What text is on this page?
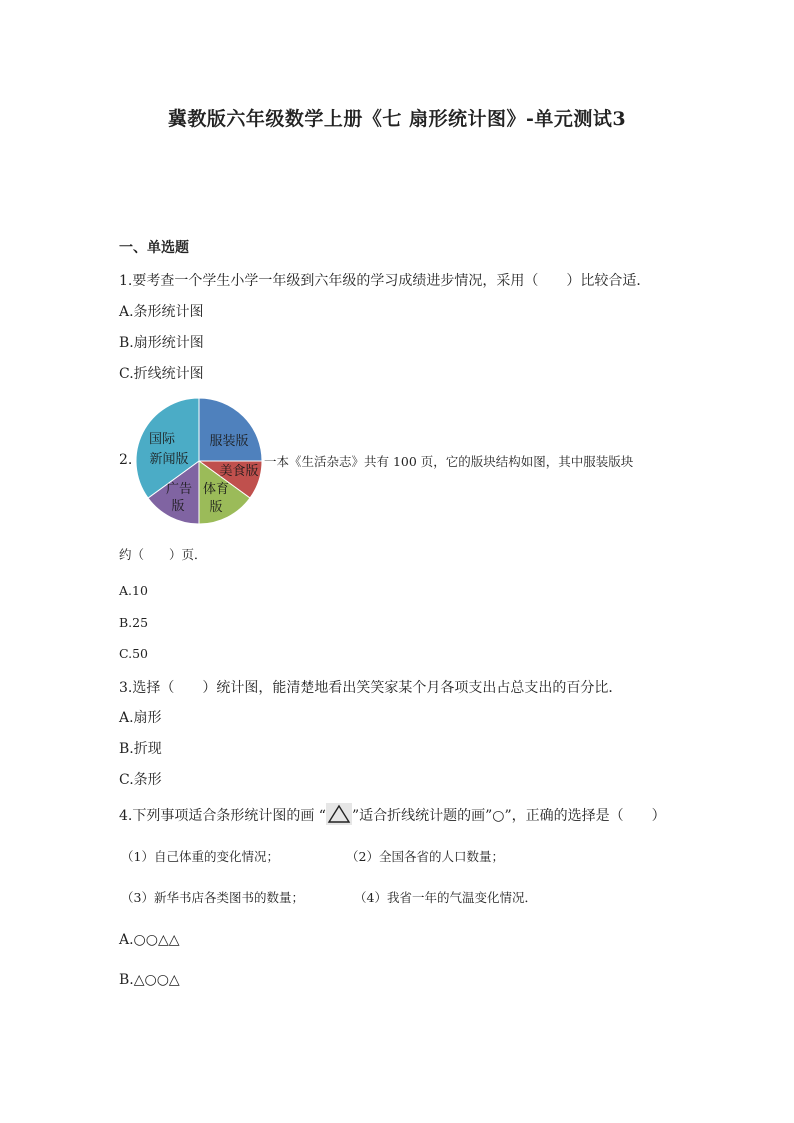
冀教版六年级数学上册《七 扇形统计图》-单元测试3
一、单选题
1.要考查一个学生小学一年级到六年级的学习成绩进步情况，采用（　　）比较合适．
A.条形统计图
B.扇形统计图
C.折线统计图
2.
服装版
美食版
体育
版
广告
版
国际
新闻版	一本《生活杂志》共有 100 页，它的版块结构如图，其中服装版块
约（　　）页．
A.10
B.25
C.50
3.选择（　　）统计图，能清楚地看出笑笑家某个月各项支出占总支出的百分比．
A.扇形
B.折现
C.条形
4.下列事项适合条形统计图的画 “ ”适合折线统计题的画”○”，正确的选择是（　　）
（1）自己体重的变化情况；	（2）全国各省的人口数量；
（3）新华书店各类图书的数量；	（4）我省一年的气温变化情况．
A.○○△△
B.△○○△
